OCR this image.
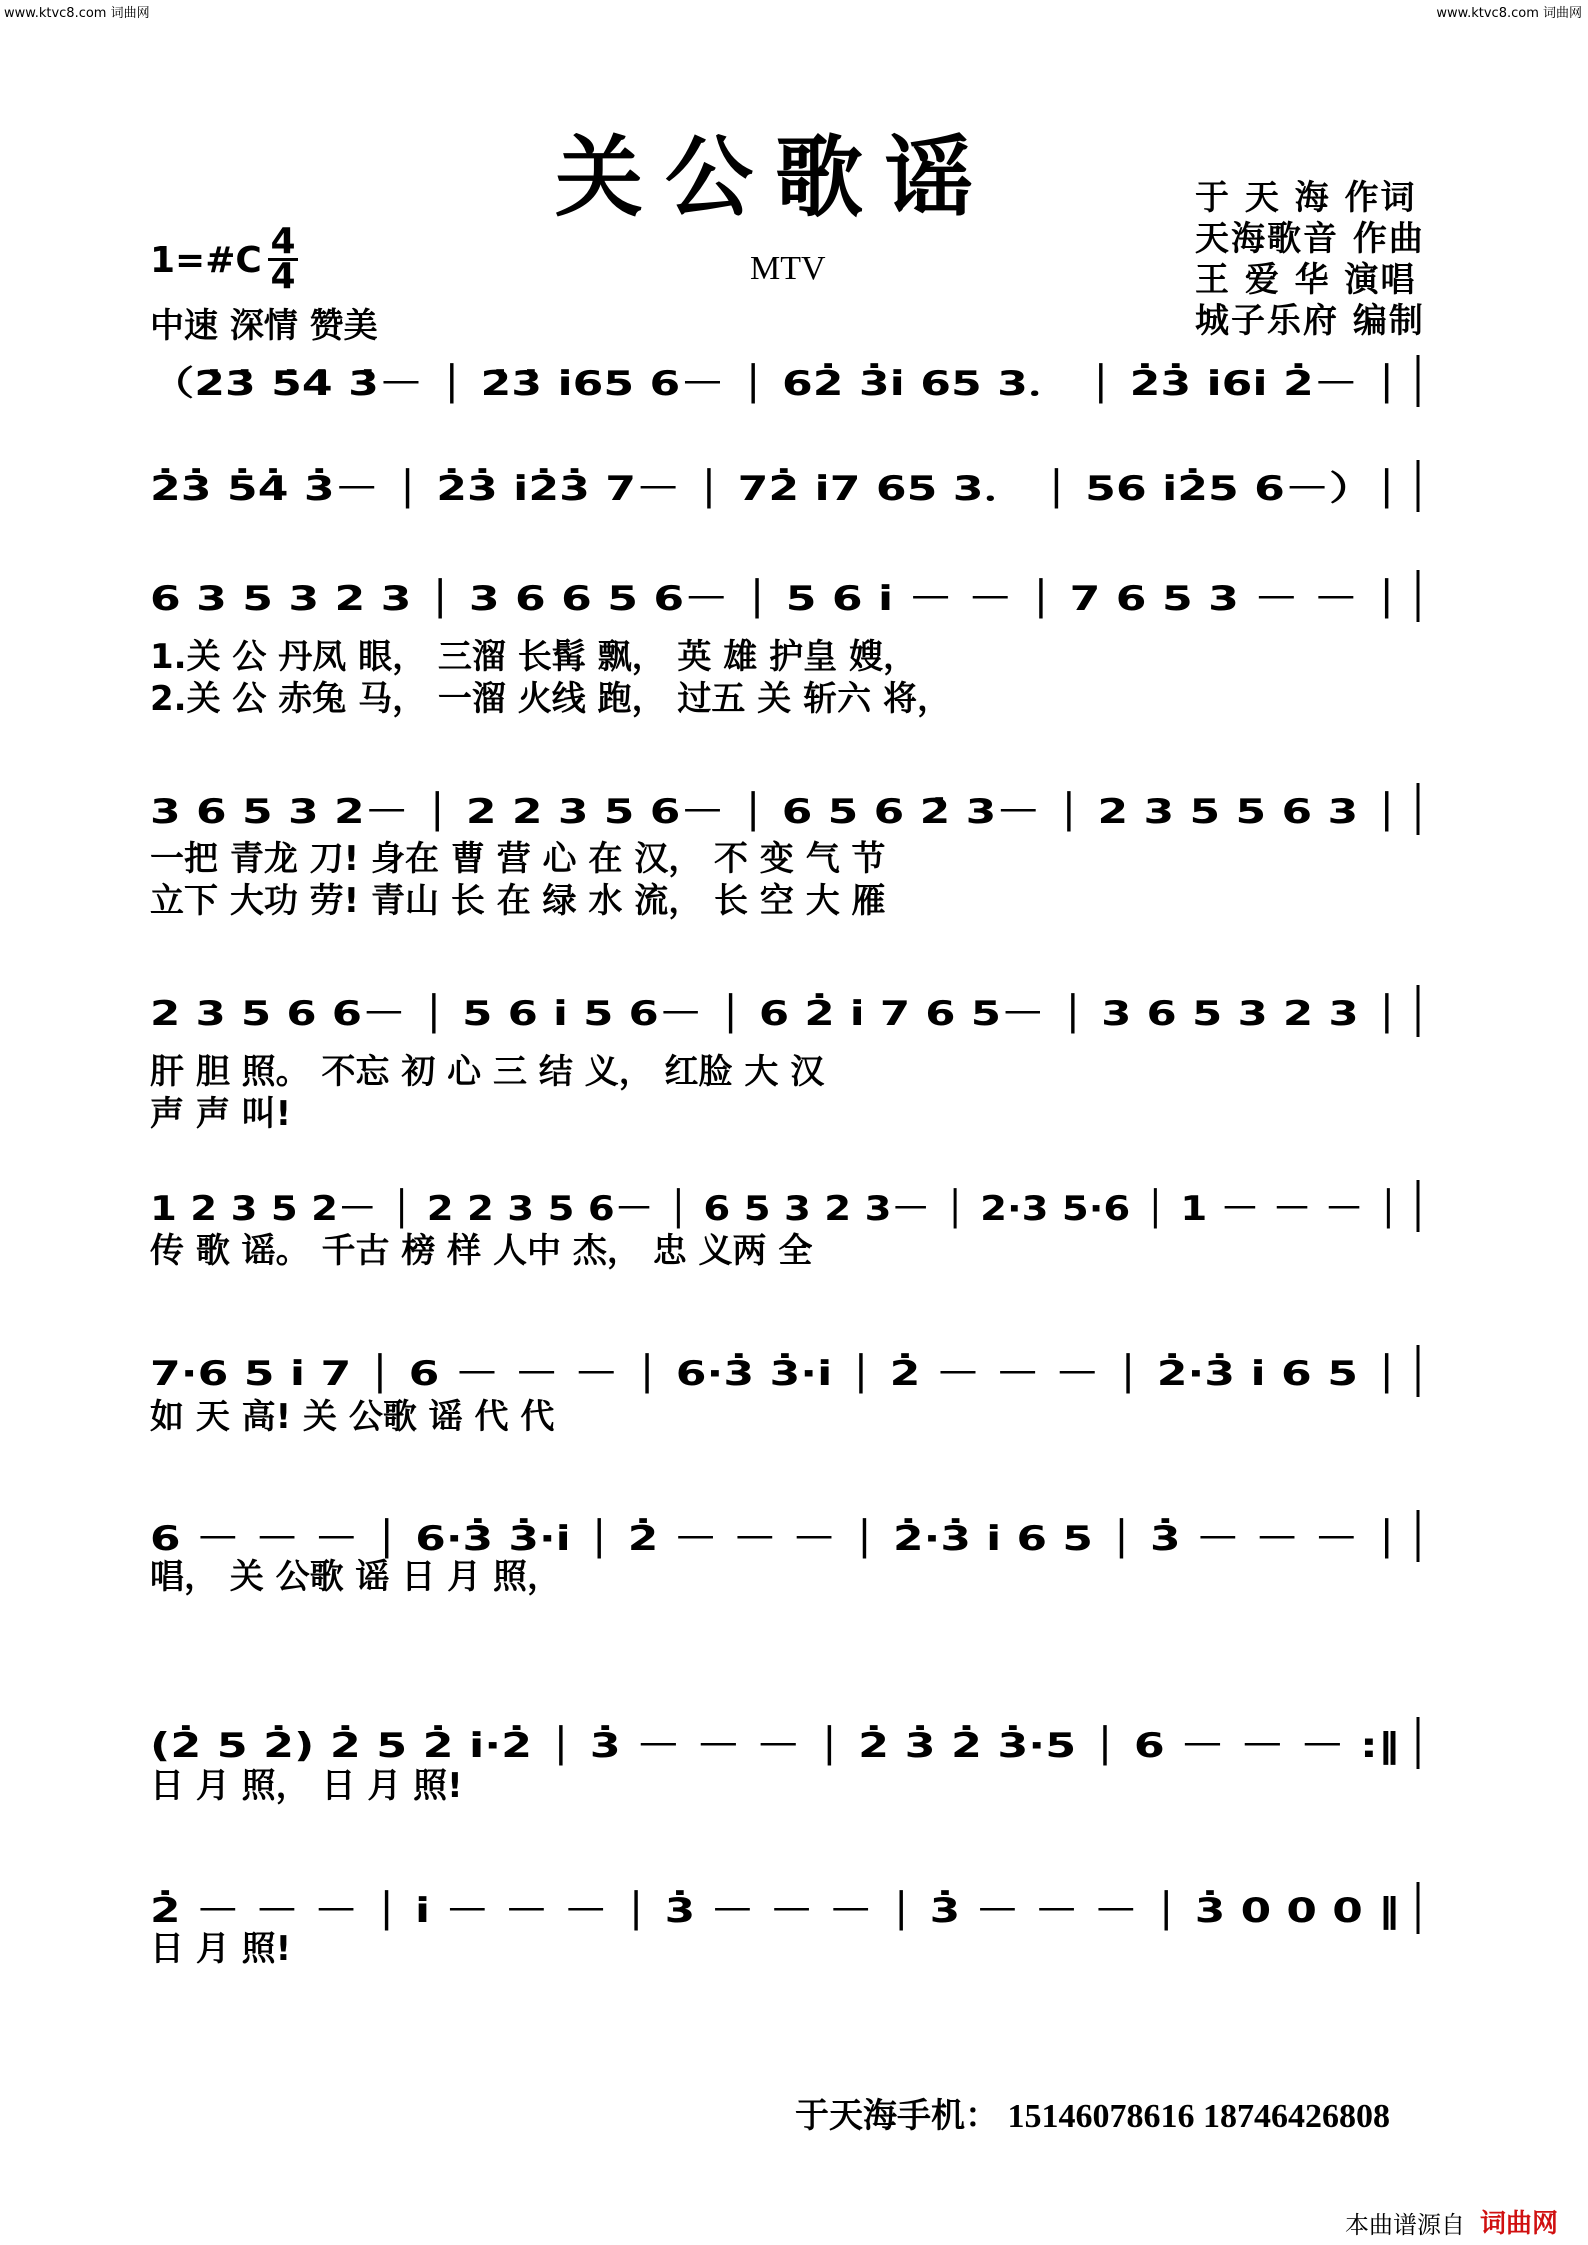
www.ktvc8.com 词曲网	www.ktvc8.com 词曲网
关公歌谣	于 天 海 作词
天海歌音 作曲
王 爱 华 演唱
城子乐府 编制
1=#C 4
4	MTV
中速 深情 赞美
（2̇3̇ 5̇4̇ 3̇－ │ 2̇3̇ i̇65 6－ │ 62̇ 3̇i̇ 65 3． │ 2̇3̇ i̇6i̇ 2̇－ │
2̇3̇ 5̇4̇ 3̇－ │ 2̇3̇ i̇2̇3̇ 7－ │ 72̇ i̇7 65 3． │ 56 i̇2̇5 6－）│
6 3 5 3 2 3 │ 3 6 6 5 6－ │ 5 6 i̇ － － │ 7 6 5 3 － － │
1.关 公 丹凤 眼， 三溜 长髯 飘， 英 雄 护皇 嫂，
2.关 公 赤兔 马， 一溜 火线 跑， 过五 关 斩六 将，
3 6 5 3 2－ │ 2 2 3 5 6－ │ 6 5 6 2̇ 3－ │ 2 3 5 5 6 3 │
一把 青龙 刀! 身在 曹 营 心 在 汉， 不 变 气 节
立下 大功 劳! 青山 长 在 绿 水 流， 长 空 大 雁
2 3 5 6 6－ │ 5 6 i̇ 5 6－ │ 6 2̇ i̇ 7 6 5－ │ 3 6 5 3 2 3 │
肝 胆 照。 不忘 初 心 三 结 义， 红脸 大 汉
声 声 叫!
1 2 3 5 2－ │ 2 2 3 5 6－ │ 6 5 3 2 3－ │ 2·3 5·6 │ 1 － － － │
传 歌 谣。 千古 榜 样 人中 杰， 忠 义两 全
7·6 5 i̇ 7 │ 6 － － － │ 6·3̇ 3̇·i̇ │ 2̇ － － － │ 2̇·3̇ i̇ 6 5 │
如 天 高! 关 公歌 谣 代 代
6 － － － │ 6·3̇ 3̇·i̇ │ 2̇ － － － │ 2̇·3̇ i̇ 6 5 │ 3̇ － － － │
唱， 关 公歌 谣 日 月 照，
(2̇ 5 2̇) 2̇ 5 2̇ i̇·2̇ │ 3̇ － － － │ 2̇ 3̇ 2̇ 3̇·5 │ 6 － － － :‖
日 月 照， 日 月 照!
2̇ － － － │ i̇ － － － │ 3̇ － － － │ 3̇ － － － │ 3̇ 0 0 0 ‖
日 月 照!
于天海手机： 15146078616 18746426808
本曲谱源自 词曲网
